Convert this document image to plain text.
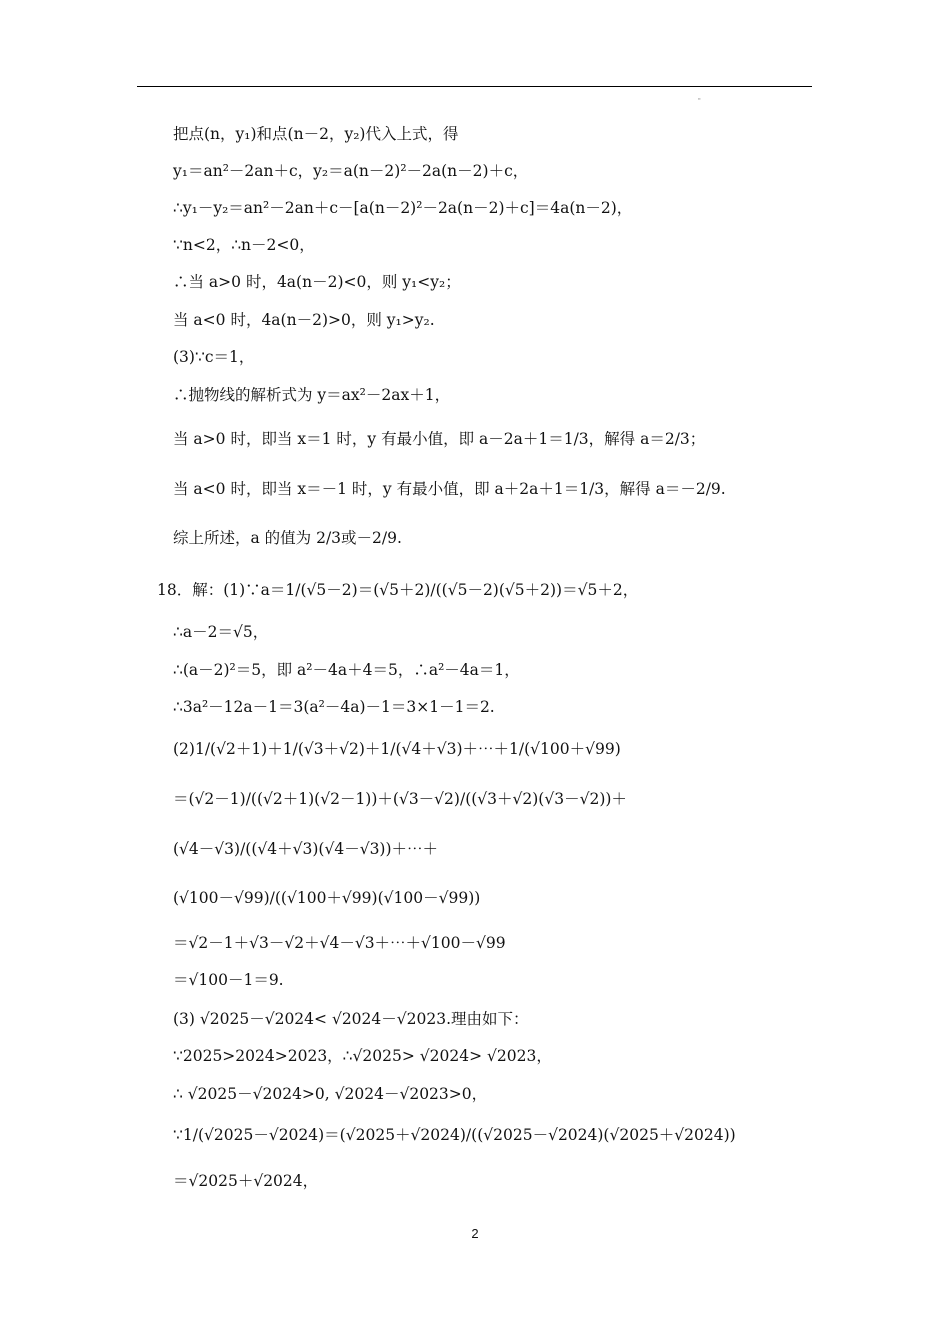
"
把点(n，y₁)和点(n－2，y₂)代入上式，得
y₁＝an²－2an＋c，y₂＝a(n－2)²－2a(n－2)＋c，
∴y₁－y₂＝an²－2an＋c－[a(n－2)²－2a(n－2)＋c]＝4a(n－2)，
∵n<2，∴n－2<0，
∴当 a>0 时，4a(n－2)<0，则 y₁<y₂；
当 a<0 时，4a(n－2)>0，则 y₁>y₂.
(3)∵c＝1，
∴抛物线的解析式为 y＝ax²－2ax＋1，
当 a>0 时，即当 x＝1 时，y 有最小值，即 a－2a＋1＝1/3，解得 a＝2/3；
当 a<0 时，即当 x＝－1 时，y 有最小值，即 a＋2a＋1＝1/3，解得 a＝－2/9.
综上所述，a 的值为 2/3或－2/9.
18．解：(1)∵a＝1/(√5－2)＝(√5＋2)/((√5－2)(√5＋2))＝√5＋2，
∴a－2＝√5，
∴(a－2)²＝5，即 a²－4a＋4＝5，∴a²－4a＝1，
∴3a²－12a－1＝3(a²－4a)－1＝3×1－1＝2.
(2)1/(√2＋1)＋1/(√3＋√2)＋1/(√4＋√3)＋⋯＋1/(√100＋√99)
＝(√2－1)/((√2＋1)(√2－1))＋(√3－√2)/((√3＋√2)(√3－√2))＋
(√4－√3)/((√4＋√3)(√4－√3))＋⋯＋
(√100－√99)/((√100＋√99)(√100－√99))
＝√2－1＋√3－√2＋√4－√3＋⋯＋√100－√99
＝√100－1＝9.
(3) √2025－√2024< √2024－√2023.理由如下：
∵2025>2024>2023，∴√2025> √2024> √2023，
∴ √2025－√2024>0, √2024－√2023>0，
∵1/(√2025－√2024)＝(√2025＋√2024)/((√2025－√2024)(√2025＋√2024))
＝√2025＋√2024，
2
